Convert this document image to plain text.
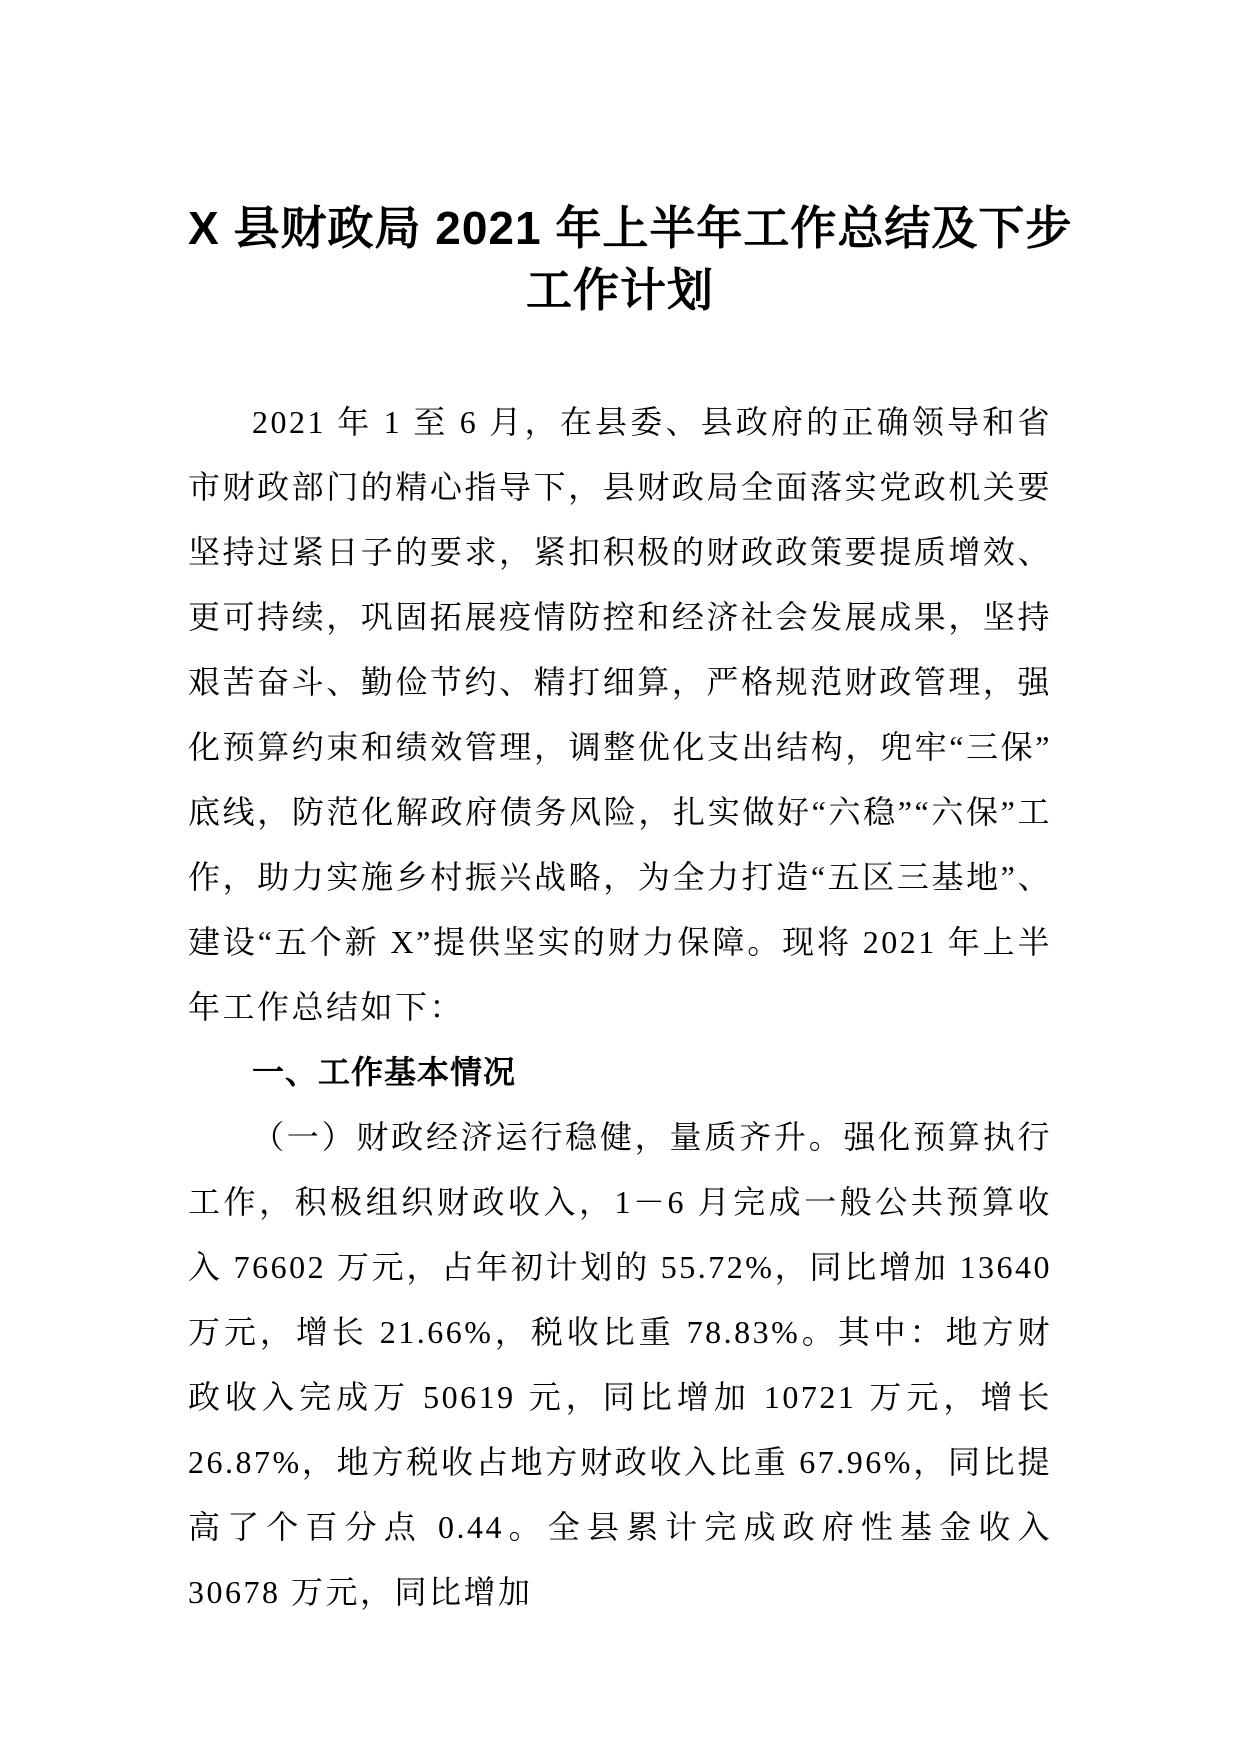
X 县财政局 2021 年上半年工作总结及下步
工作计划

2021 年 1 至 6 月，在县委、县政府的正确领导和省市财政部门的精心指导下，县财政局全面落实党政机关要坚持过紧日子的要求，紧扣积极的财政政策要提质增效、更可持续，巩固拓展疫情防控和经济社会发展成果，坚持艰苦奋斗、勤俭节约、精打细算，严格规范财政管理，强化预算约束和绩效管理，调整优化支出结构，兜牢“三保”底线，防范化解政府债务风险，扎实做好“六稳”“六保”工作，助力实施乡村振兴战略，为全力打造“五区三基地”、建设“五个新 X”提供坚实的财力保障。现将 2021 年上半年工作总结如下：

一、工作基本情况

（一）财政经济运行稳健，量质齐升。强化预算执行工作，积极组织财政收入，1－6 月完成一般公共预算收入 76602 万元，占年初计划的 55.72%，同比增加 13640 万元，增长 21.66%，税收比重 78.83%。其中：地方财政收入完成万 50619 元，同比增加 10721 万元，增长 26.87%，地方税收占地方财政收入比重 67.96%，同比提高了个百分点 0.44。全县累计完成政府性基金收入 30678 万元，同比增加
